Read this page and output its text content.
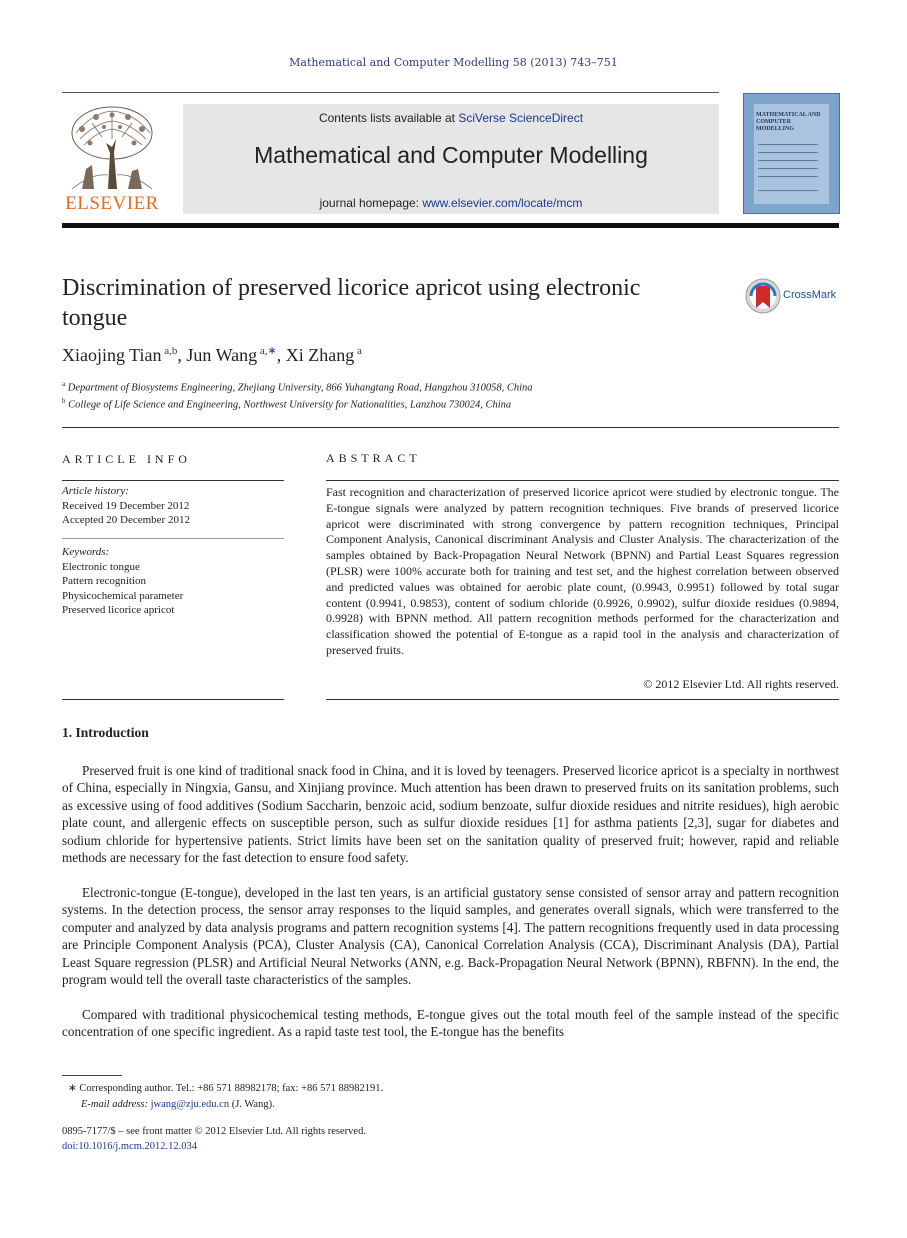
Mathematical and Computer Modelling 58 (2013) 743–751
ELSEVIER
Contents lists available at SciVerse ScienceDirect
Mathematical and Computer Modelling
journal homepage: www.elsevier.com/locate/mcm
MATHEMATICAL AND COMPUTER MODELLING
Discrimination of preserved licorice apricot using electronic tongue
CrossMark
Xiaojing Tian $^{a,b}$, Jun Wang $^{a,∗}$, Xi Zhang $^a$
$^a$ Department of Biosystems Engineering, Zhejiang University, 866 Yuhangtang Road, Hangzhou 310058, China
$^b$ College of Life Science and Engineering, Northwest University for Nationalities, Lanzhou 730024, China
ARTICLE INFO
Article history:
Received 19 December 2012
Accepted 20 December 2012
Keywords:
Electronic tongue
Pattern recognition
Physicochemical parameter
Preserved licorice apricot
ABSTRACT
Fast recognition and characterization of preserved licorice apricot were studied by electronic tongue. The E-tongue signals were analyzed by pattern recognition techniques. Five brands of preserved licorice apricot were discriminated with strong convergence by pattern recognition techniques, Principal Component Analysis, Canonical discriminant Analysis and Cluster Analysis. The characterization of the samples obtained by Back-Propagation Neural Network (BPNN) and Partial Least Squares regression (PLSR) were 100% accurate both for training and test set, and the highest correlation between observed and predicted values was obtained for aerobic plate count, (0.9943, 0.9951) followed by total sugar content (0.9941, 0.9853), content of sodium chloride (0.9926, 0.9902), sulfur dioxide residues (0.9894, 0.9928) with BPNN method. All pattern recognition methods performed for the characterization and classification showed the potential of E-tongue as a rapid tool in the analysis and characterization of preserved fruits.
© 2012 Elsevier Ltd. All rights reserved.
1. Introduction
Preserved fruit is one kind of traditional snack food in China, and it is loved by teenagers. Preserved licorice apricot is a specialty in northwest of China, especially in Ningxia, Gansu, and Xinjiang province. Much attention has been drawn to preserved fruits on its sanitation problems, such as excessive using of food additives (Sodium Saccharin, benzoic acid, sodium benzoate, sulfur dioxide residues and nitrite residues), high aerobic plate count, and allergenic effects on susceptible person, such as sulfur dioxide residues [1] for asthma patients [2,3], sugar for diabetes and sodium chloride for hypertensive patients. Strict limits have been set on the sanitation quality of preserved fruit; however, rapid and reliable methods are necessary for the fast detection to ensure food safety.
Electronic-tongue (E-tongue), developed in the last ten years, is an artificial gustatory sense consisted of sensor array and pattern recognition systems. In the detection process, the sensor array responses to the liquid samples, and generates overall signals, which were transferred to the computer and analyzed by data analysis programs and pattern recognition systems [4]. The pattern recognitions frequently used in data processing are Principle Component Analysis (PCA), Cluster Analysis (CA), Canonical Correlation Analysis (CCA), Discriminant Analysis (DA), Partial Least Square regression (PLSR) and Artificial Neural Networks (ANN, e.g. Back-Propagation Neural Network (BPNN), RBFNN). In the end, the program would tell the overall taste characteristics of the samples.
Compared with traditional physicochemical testing methods, E-tongue gives out the total mouth feel of the sample instead of the specific concentration of one specific ingredient. As a rapid taste test tool, the E-tongue has the benefits
∗ Corresponding author. Tel.: +86 571 88982178; fax: +86 571 88982191.
E-mail address: jwang@zju.edu.cn (J. Wang).
0895-7177/$ – see front matter © 2012 Elsevier Ltd. All rights reserved.
doi:10.1016/j.mcm.2012.12.034
